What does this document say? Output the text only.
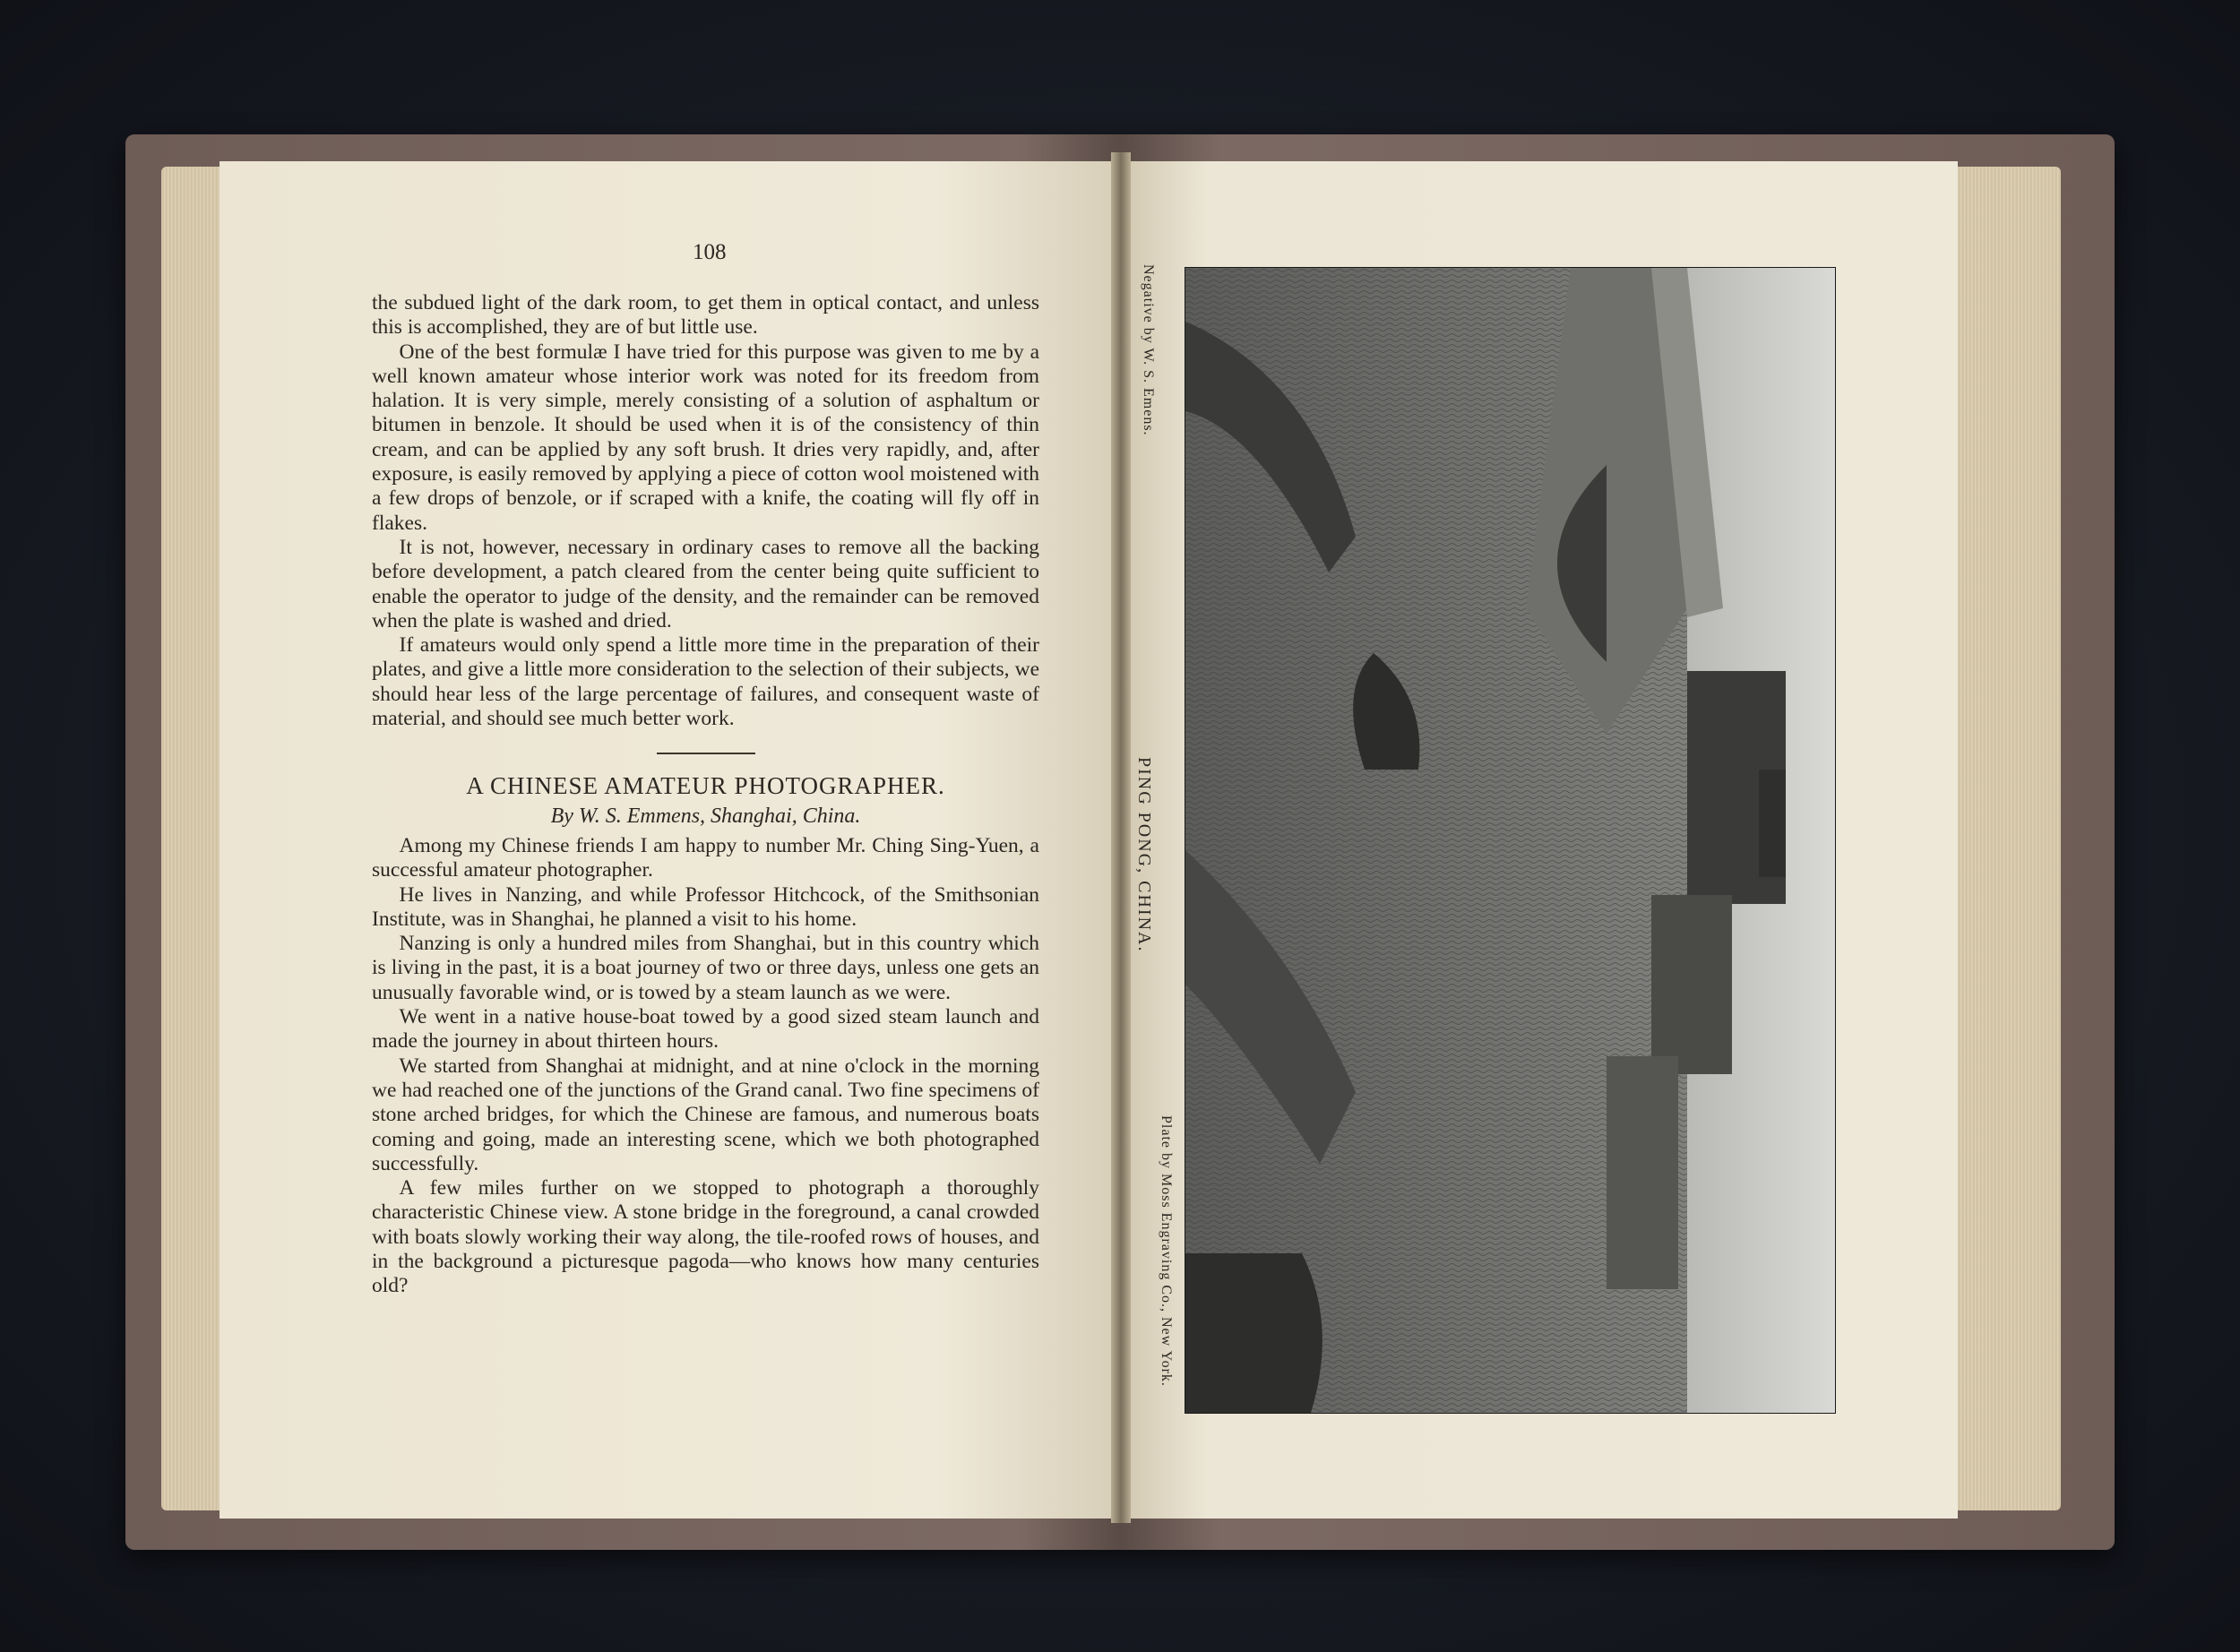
108

the subdued light of the dark room, to get them in optical contact, and unless this is accomplished, they are of but little use.

One of the best formulæ I have tried for this purpose was given to me by a well known amateur whose interior work was noted for its freedom from halation. It is very simple, merely consisting of a solution of asphaltum or bitumen in benzole. It should be used when it is of the consistency of thin cream, and can be applied by any soft brush. It dries very rapidly, and, after exposure, is easily removed by applying a piece of cotton wool moistened with a few drops of benzole, or if scraped with a knife, the coating will fly off in flakes.

It is not, however, necessary in ordinary cases to remove all the backing before development, a patch cleared from the center being quite sufficient to enable the operator to judge of the density, and the remainder can be removed when the plate is washed and dried.

If amateurs would only spend a little more time in the preparation of their plates, and give a little more consideration to the selection of their subjects, we should hear less of the large percentage of failures, and consequent waste of material, and should see much better work.

A CHINESE AMATEUR PHOTOGRAPHER.
By W. S. Emmens, Shanghai, China.

Among my Chinese friends I am happy to number Mr. Ching Sing-Yuen, a successful amateur photographer.

He lives in Nanzing, and while Professor Hitchcock, of the Smithsonian Institute, was in Shanghai, he planned a visit to his home.

Nanzing is only a hundred miles from Shanghai, but in this country which is living in the past, it is a boat journey of two or three days, unless one gets an unusually favorable wind, or is towed by a steam launch as we were.

We went in a native house-boat towed by a good sized steam launch and made the journey in about thirteen hours.

We started from Shanghai at midnight, and at nine o'clock in the morning we had reached one of the junctions of the Grand canal. Two fine specimens of stone arched bridges, for which the Chinese are famous, and numerous boats coming and going, made an interesting scene, which we both photographed successfully.

A few miles further on we stopped to photograph a thoroughly characteristic Chinese view. A stone bridge in the foreground, a canal crowded with boats slowly working their way along, the tile-roofed rows of houses, and in the background a picturesque pagoda—who knows how many centuries old?

Negative by W. S. Emens.
PING PONG, CHINA.
Plate by Moss Engraving Co., New York.
